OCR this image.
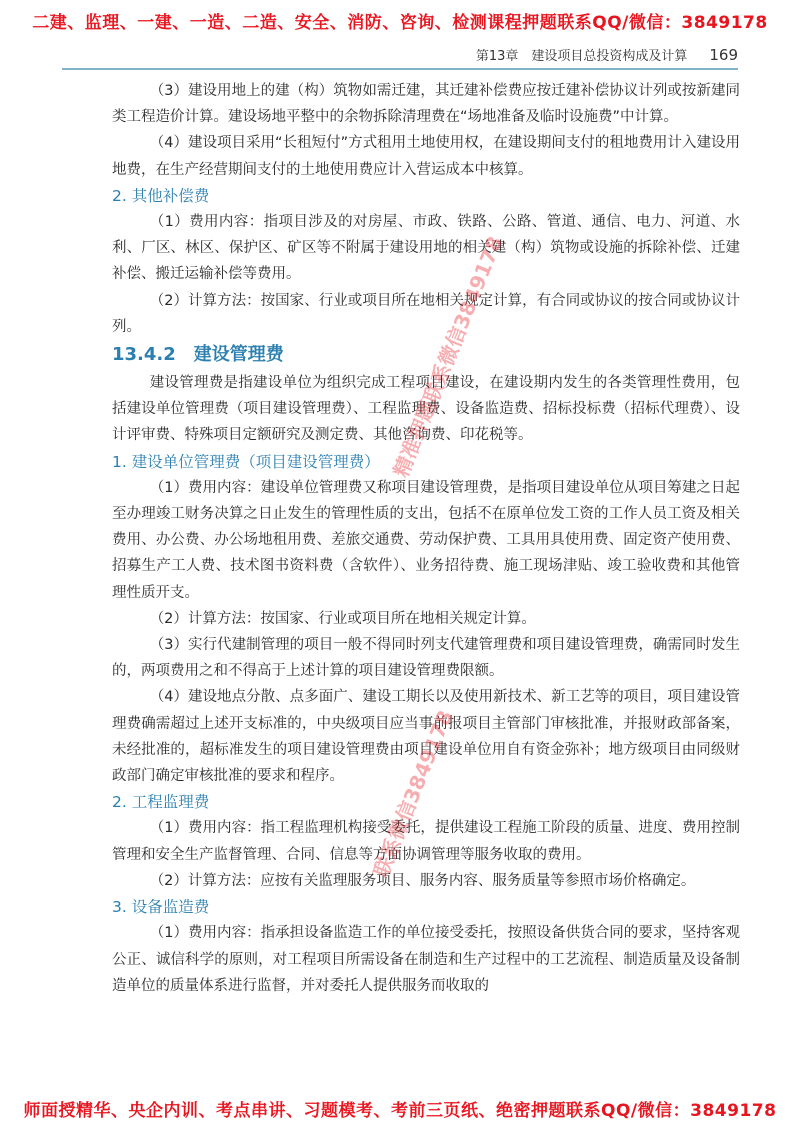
二建、监理、一建、一造、二造、安全、消防、咨询、检测课程押题联系QQ/微信：3849178
第13章　建设项目总投资构成及计算 169

（3）建设用地上的建（构）筑物如需迁建，其迁建补偿费应按迁建补偿协议计列或按新建同类工程造价计算。建设场地平整中的余物拆除清理费在“场地准备及临时设施费”中计算。

（4）建设项目采用“长租短付”方式租用土地使用权，在建设期间支付的租地费用计入建设用地费，在生产经营期间支付的土地使用费应计入营运成本中核算。

2. 其他补偿费

（1）费用内容：指项目涉及的对房屋、市政、铁路、公路、管道、通信、电力、河道、水利、厂区、林区、保护区、矿区等不附属于建设用地的相关建（构）筑物或设施的拆除补偿、迁建补偿、搬迁运输补偿等费用。

（2）计算方法：按国家、行业或项目所在地相关规定计算，有合同或协议的按合同或协议计列。

13.4.2 建设管理费

建设管理费是指建设单位为组织完成工程项目建设，在建设期内发生的各类管理性费用，包括建设单位管理费（项目建设管理费）、工程监理费、设备监造费、招标投标费（招标代理费）、设计评审费、特殊项目定额研究及测定费、其他咨询费、印花税等。

1. 建设单位管理费（项目建设管理费）

（1）费用内容：建设单位管理费又称项目建设管理费，是指项目建设单位从项目筹建之日起至办理竣工财务决算之日止发生的管理性质的支出，包括不在原单位发工资的工作人员工资及相关费用、办公费、办公场地租用费、差旅交通费、劳动保护费、工具用具使用费、固定资产使用费、招募生产工人费、技术图书资料费（含软件）、业务招待费、施工现场津贴、竣工验收费和其他管理性质开支。

（2）计算方法：按国家、行业或项目所在地相关规定计算。

（3）实行代建制管理的项目一般不得同时列支代建管理费和项目建设管理费，确需同时发生的，两项费用之和不得高于上述计算的项目建设管理费限额。

（4）建设地点分散、点多面广、建设工期长以及使用新技术、新工艺等的项目，项目建设管理费确需超过上述开支标准的，中央级项目应当事前报项目主管部门审核批准，并报财政部备案，未经批准的，超标准发生的项目建设管理费由项目建设单位用自有资金弥补；地方级项目由同级财政部门确定审核批准的要求和程序。

2. 工程监理费

（1）费用内容：指工程监理机构接受委托，提供建设工程施工阶段的质量、进度、费用控制管理和安全生产监督管理、合同、信息等方面协调管理等服务收取的费用。

（2）计算方法：应按有关监理服务项目、服务内容、服务质量等参照市场价格确定。

3. 设备监造费

（1）费用内容：指承担设备监造工作的单位接受委托，按照设备供货合同的要求，坚持客观公正、诚信科学的原则，对工程项目所需设备在制造和生产过程中的工艺流程、制造质量及设备制造单位的质量体系进行监督，并对委托人提供服务而收取的

精准押题联系微信3849178
联系微信3849178
师面授精华、央企内训、考点串讲、习题模考、考前三页纸、绝密押题联系QQ/微信：3849178
